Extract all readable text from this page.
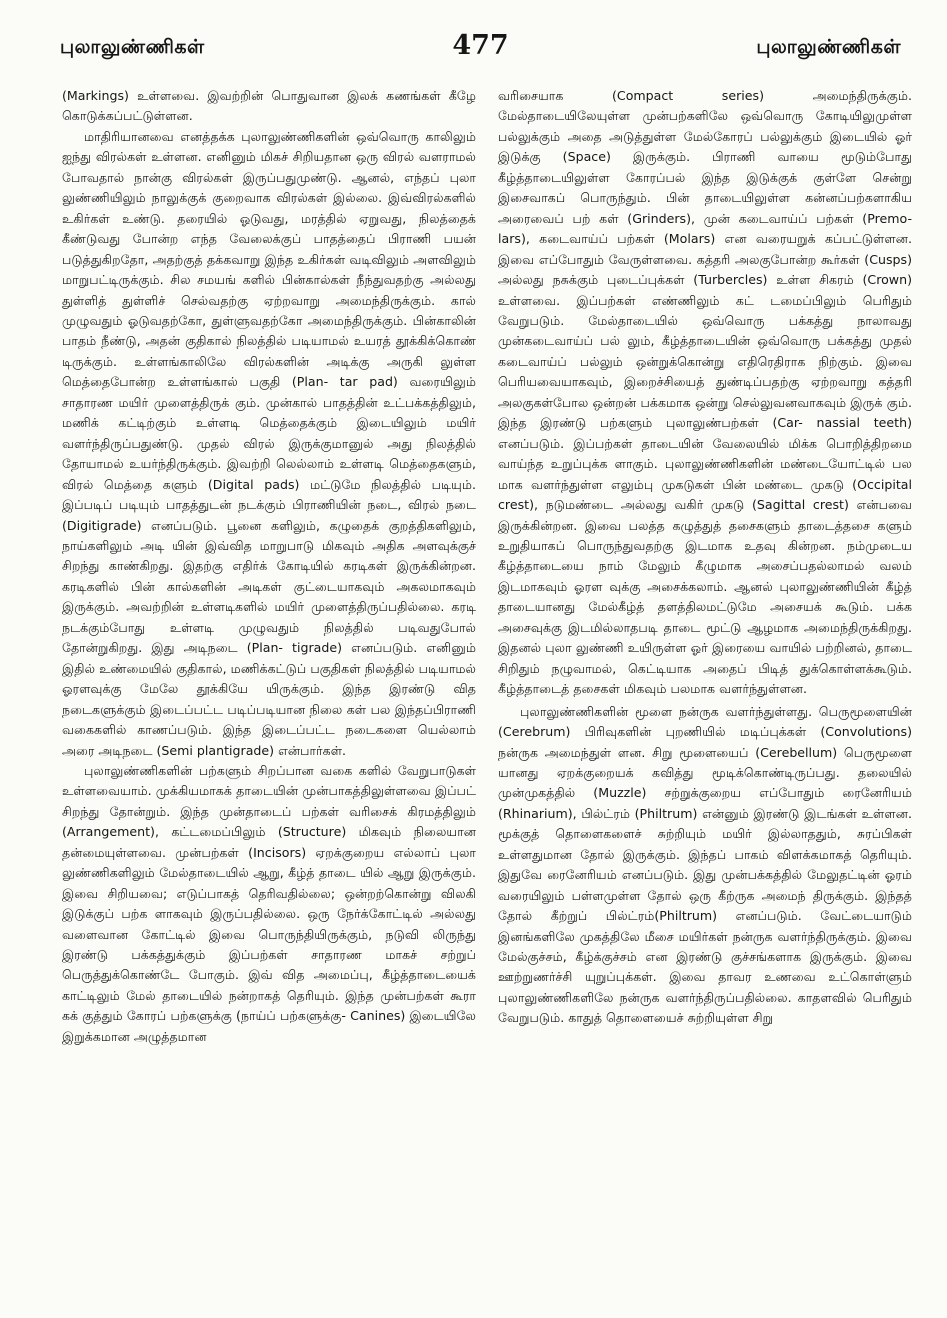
புலாலுண்ணிகள்	477	புலாலுண்ணிகள்

(Markings) உள்ளவை. இவற்றின் பொதுவான இலக் கணங்கள் கீழே கொடுக்கப்பட்டுள்ளன.

மாதிரியானவை எனத்தக்க புலாலுண்ணிகளின் ஒவ்வொரு காலிலும் ஐந்து விரல்கள் உள்ளன. எனினும் மிகச் சிறியதான ஒரு விரல் வளராமல் போவதால் நான்கு விரல்கள் இருப்பதுமுண்டு. ஆனல், எந்தப் புலா லுண்ணியிலும் நாலுக்குக் குறைவாக விரல்கள் இல்லை. இவ்விரல்களில் உகிர்கள் உண்டு. தரையில் ஓடுவது, மரத்தில் ஏறுவது, நிலத்தைக் கீண்டுவது போன்ற எந்த வேலைக்குப் பாதத்தைப் பிராணி பயன் படுத்துகிறதோ, அதற்குத் தக்கவாறு இந்த உகிர்கள் வடிவிலும் அளவிலும் மாறுபட்டிருக்கும். சில சமயங் களில் பின்கால்கள் நீந்துவதற்கு அல்லது துள்ளித் துள்ளிச் செல்வதற்கு ஏற்றவாறு அமைந்திருக்கும். கால் முழுவதும் ஓடுவதற்கோ, துள்ளுவதற்கோ அமைந்திருக்கும். பின்காலின் பாதம் நீண்டு, அதன் குதிகால் நிலத்தில் படியாமல் உயரத் தூக்கிக்கொண் டிருக்கும். உள்ளங்காலிலே விரல்களின் அடிக்கு அருகி லுள்ள மெத்தைபோன்ற உள்ளங்கால் பகுதி (Plan- tar pad) வரையிலும் சாதாரண மயிர் முளைத்திருக் கும். முன்கால் பாதத்தின் உட்பக்கத்திலும், மணிக் கட்டிற்கும் உள்ளடி மெத்தைக்கும் இடையிலும் மயிர் வளர்ந்திருப்பதுண்டு. முதல் விரல் இருக்குமானுல் அது நிலத்தில் தோயாமல் உயர்ந்திருக்கும். இவற்றி லெல்லாம் உள்ளடி மெத்தைகளும், விரல் மெத்தை களும் (Digital pads) மட்டுமே நிலத்தில் படியும். இப்படிப் படியும் பாதத்துடன் நடக்கும் பிராணியின் நடை, விரல் நடை (Digitigrade) எனப்படும். பூனை களிலும், கழுதைக் குறத்திகளிலும், நாய்களிலும் அடி யின் இவ்வித மாறுபாடு மிகவும் அதிக அளவுக்குச் சிறந்து காண்கிறது. இதற்கு எதிர்க் கோடியில் கரடிகள் இருக்கின்றன. கரடிகளில் பின் கால்களின் அடிகள் குட்டையாகவும் அகலமாகவும் இருக்கும். அவற்றின் உள்ளடிகளில் மயிர் முளைத்திருப்பதில்லை. கரடி நடக்கும்போது உள்ளடி முழுவதும் நிலத்தில் படிவதுபோல் தோன்றுகிறது. இது அடிநடை (Plan- tigrade) எனப்படும். எனினும் இதில் உண்மையில் குதிகால், மணிக்கட்டுப் பகுதிகள் நிலத்தில் படியாமல் ஓரளவுக்கு மேலே தூக்கியே யிருக்கும். இந்த இரண்டு வித நடைகளுக்கும் இடைப்பட்ட படிப்படியான நிலை கள் பல இந்தப்பிராணி வகைகளில் காணப்படும். இந்த இடைப்பட்ட நடைகளை யெல்லாம் அரை அடிநடை (Semi plantigrade) என்பார்கள்.

புலாலுண்ணிகளின் பற்களும் சிறப்பான வகை களில் வேறுபாடுகள் உள்ளவையாம். முக்கியமாகக் தாடையின் முன்பாகத்திலுள்ளவை இப்பட் சிறந்து தோன்றும். இந்த முன்தாடைப் பற்கள் வரிசைக் கிரமத்திலும் (Arrangement), கட்டமைப்பிலும் (Structure) மிகவும் நிலையான தன்மையுள்ளவை. முன்பற்கள் (Incisors) ஏறக்குறைய எல்லாப் புலா லுண்ணிகளிலும் மேல்தாடையில் ஆறு, கீழ்த் தாடை யில் ஆறு இருக்கும். இவை சிறியவை; எடுப்பாகத் தெரிவதில்லை; ஒன்றற்கொன்று விலகி இடுக்குப் பற்க ளாகவும் இருப்பதில்லை. ஒரு நேர்க்கோட்டில் அல்லது வளைவான கோட்டில் இவை பொருந்தியிருக்கும், நடுவி லிருந்து இரண்டு பக்கத்துக்கும் இப்பற்கள் சாதாரண மாகச் சற்றுப் பெருத்துக்கொண்டே போகும். இவ் வித அமைப்பு, கீழ்த்தாடையைக் காட்டிலும் மேல் தாடையில் நன்றாகத் தெரியும். இந்த முன்பற்கள் கூரா கக் குத்தும் கோரப் பற்களுக்கு (நாய்ப் பற்களுக்கு- Canines) இடையிலே இறுக்கமான அழுத்தமான

வரிசையாக (Compact series) அமைந்திருக்கும். மேல்தாடையிலேயுள்ள முன்பற்களிலே ஒவ்வொரு கோடியிலுமுள்ள பல்லுக்கும் அதை அடுத்துள்ள மேல்கோரப் பல்லுக்கும் இடையில் ஓர் இடுக்கு (Space) இருக்கும். பிராணி வாயை மூடும்போது கீழ்த்தாடையிலுள்ள கோரப்பல் இந்த இடுக்குக் குள்ளே சென்று இசைவாகப் பொருந்தும். பின் தாடையிலுள்ள கன்னப்பற்களாகிய அரைவைப் பற் கள் (Grinders), முன் கடைவாய்ப் பற்கள் (Premo- lars), கடைவாய்ப் பற்கள் (Molars) என வரையறுக் கப்பட்டுள்ளன. இவை எப்போதும் வேருள்ளவை. கத்தரி அலகுபோன்ற கூர்கள் (Cusps) அல்லது நசுக்கும் புடைப்புக்கள் (Turbercles) உள்ள சிகரம் (Crown) உள்ளவை. இப்பற்கள் எண்ணிலும் கட் டமைப்பிலும் பெரிதும் வேறுபடும். மேல்தாடையில் ஒவ்வொரு பக்கத்து நாலாவது முன்கடைவாய்ப் பல் லும், கீழ்த்தாடையின் ஒவ்வொரு பக்கத்து முதல் கடைவாய்ப் பல்லும் ஒன்றுக்கொன்று எதிரெதிராக நிற்கும். இவை பெரியவையாகவும், இறைச்சியைத் துண்டிப்பதற்கு ஏற்றவாறு கத்தரி அலகுகள்போல ஒன்றன் பக்கமாக ஒன்று செல்லுவனவாகவும் இருக் கும். இந்த இரண்டு பற்களும் புலாலுண்பற்கள் (Car- nassial teeth) எனப்படும். இப்பற்கள் தாடையின் வேலையில் மிக்க பொறித்திறமை வாய்ந்த உறுப்புக்க ளாகும். புலாலுண்ணிகளின் மண்டையோட்டில் பல மாக வளர்ந்துள்ள எலும்பு முகடுகள் பின் மண்டை முகடு (Occipital crest), நடுமண்டை அல்லது வகிர் முகடு (Sagittal crest) என்பவை இருக்கின்றன. இவை பலத்த கழுத்துத் தசைகளும் தாடைத்தசை களும் உறுதியாகப் பொருந்துவதற்கு இடமாக உதவு கின்றன. நம்முடைய கீழ்த்தாடையை நாம் மேலும் கீழுமாக அசைப்பதல்லாமல் வலம் இடமாகவும் ஓரள வுக்கு அசைக்கலாம். ஆனல் புலாலுண்ணியின் கீழ்த் தாடையானது மேல்கீழ்த் தளத்திலமட்டுமே அசையக் கூடும். பக்க அசைவுக்கு இடமில்லாதபடி தாடை மூட்டு ஆழமாக அமைந்திருக்கிறது. இதனல் புலா லுண்ணி உயிருள்ள ஓர் இரையை வாயில் பற்றினல், தாடை சிறிதும் நழுவாமல், கெட்டியாக அதைப் பிடித் துக்கொள்ளக்கூடும். கீழ்த்தாடைத் தசைகள் மிகவும் பலமாக வளர்ந்துள்ளன.

புலாலுண்ணிகளின் மூளை நன்ருக வளர்ந்துள்ளது. பெருமூளையின் (Cerebrum) பிரிவுகளின் புறணியில் மடிப்புக்கள் (Convolutions) நன்ருக அமைந்துள் ளன. சிறு மூளையைப் (Cerebellum) பெருமூளை யானது ஏறக்குறையக் கவித்து மூடிக்கொண்டிருப்பது. தலையில் முன்முகத்தில் (Muzzle) சற்றுக்குறைய எப்போதும் ரைனேரியம் (Rhinarium), பில்ட்ரம் (Philtrum) என்னும் இரண்டு இடங்கள் உள்ளன. மூக்குத் தொளைகளைச் சுற்றியும் மயிர் இல்லாததும், சுரப்பிகள் உள்ளதுமான தோல் இருக்கும். இந்தப் பாகம் விளக்கமாகத் தெரியும். இதுவே ரைனேரியம் எனப்படும். இது முன்பக்கத்தில் மேலுதட்டின் ஓரம் வரையிலும் பள்ளமுள்ள தோல் ஒரு கீற்ருக அமைந் திருக்கும். இந்தத் தோல் கீற்றுப் பில்ட்ரம்(Philtrum) எனப்படும். வேட்டையாடும் இனங்களிலே முகத்திலே மீசை மயிர்கள் நன்ருக வளர்ந்திருக்கும். இவை மேல்குச்சம், கீழ்க்குச்சம் என இரண்டு குச்சங்களாக இருக்கும். இவை ஊற்றுணர்ச்சி யுறுப்புக்கள். இவை தாவர உணவை உட்கொள்ளும் புலாலுண்ணிகளிலே நன்ருக வளர்ந்திருப்பதில்லை. காதளவில் பெரிதும் வேறுபடும். காதுத் தொளையைச் சுற்றியுள்ள சிறு
